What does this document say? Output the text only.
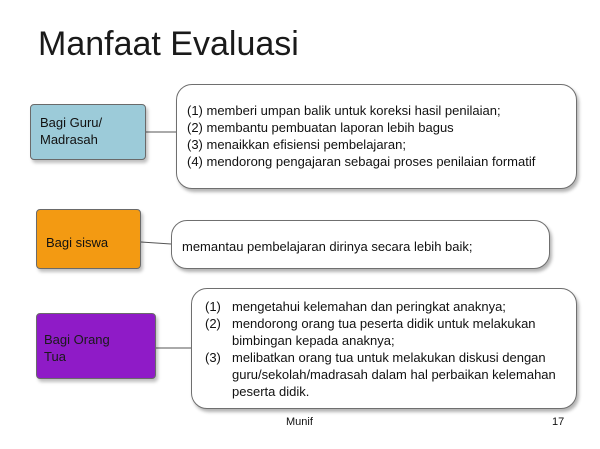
Manfaat Evaluasi
Bagi Guru/
Madrasah
(1) memberi umpan balik untuk koreksi hasil penilaian;
(2) membantu pembuatan laporan lebih bagus
(3) menaikkan efisiensi pembelajaran;
(4) mendorong pengajaran sebagai proses penilaian formatif
Bagi siswa	memantau pembelajaran dirinya secara lebih baik;
Bagi Orang
Tua
(1) mengetahui kelemahan dan peringkat anaknya;
(2) mendorong orang tua peserta didik untuk melakukan bimbingan kepada anaknya;
(3) melibatkan orang tua untuk melakukan diskusi dengan guru/sekolah/madrasah dalam hal perbaikan kelemahan peserta didik.
Munif	17
